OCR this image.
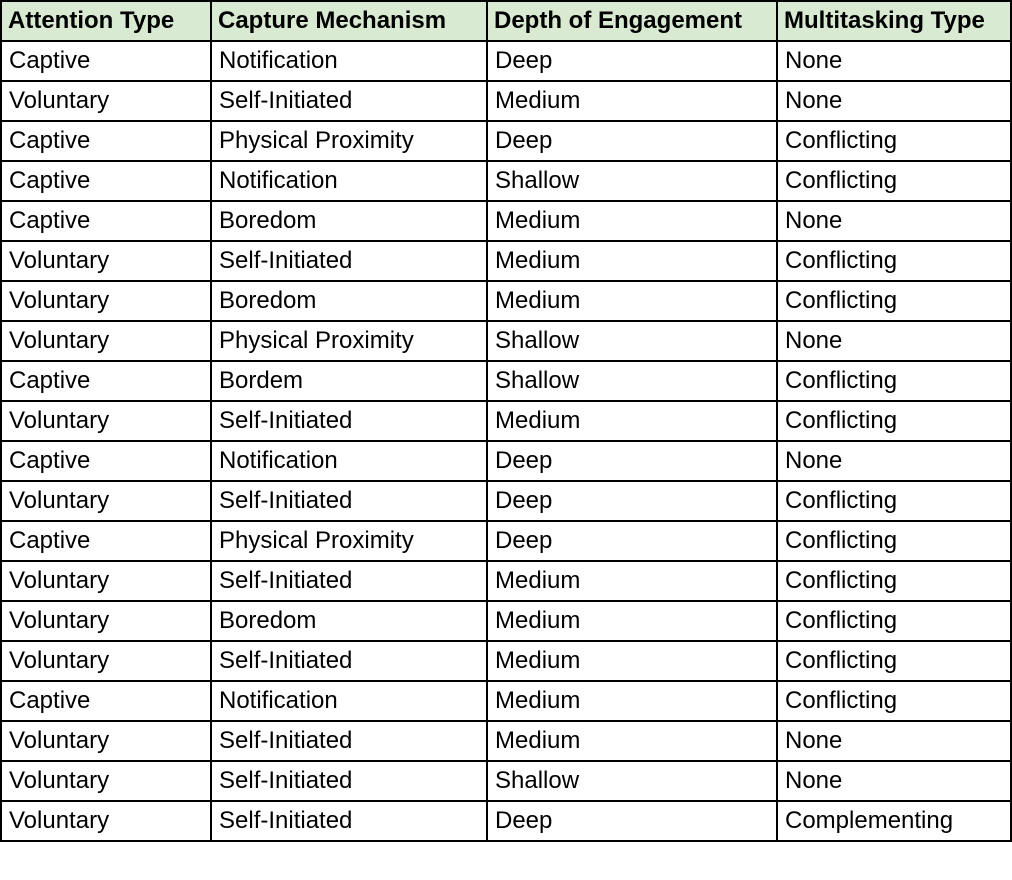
Attention Type	Capture Mechanism	Depth of Engagement	Multitasking Type
Captive	Notification	Deep	None
Voluntary	Self-Initiated	Medium	None
Captive	Physical Proximity	Deep	Conflicting
Captive	Notification	Shallow	Conflicting
Captive	Boredom	Medium	None
Voluntary	Self-Initiated	Medium	Conflicting
Voluntary	Boredom	Medium	Conflicting
Voluntary	Physical Proximity	Shallow	None
Captive	Bordem	Shallow	Conflicting
Voluntary	Self-Initiated	Medium	Conflicting
Captive	Notification	Deep	None
Voluntary	Self-Initiated	Deep	Conflicting
Captive	Physical Proximity	Deep	Conflicting
Voluntary	Self-Initiated	Medium	Conflicting
Voluntary	Boredom	Medium	Conflicting
Voluntary	Self-Initiated	Medium	Conflicting
Captive	Notification	Medium	Conflicting
Voluntary	Self-Initiated	Medium	None
Voluntary	Self-Initiated	Shallow	None
Voluntary	Self-Initiated	Deep	Complementing
